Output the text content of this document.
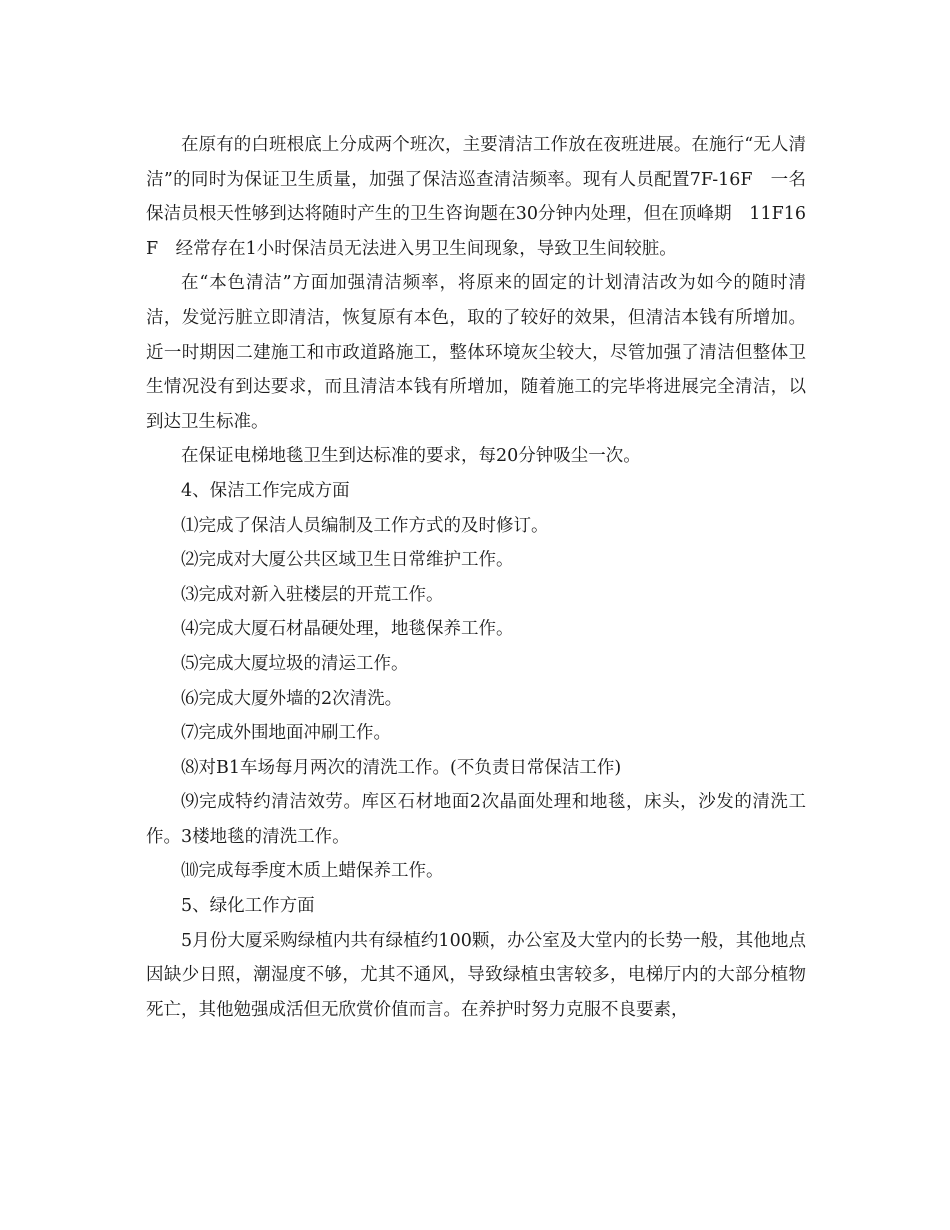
在原有的白班根底上分成两个班次，主要清洁工作放在夜班进展。在施行“无人清洁”的同时为保证卫生质量，加强了保洁巡查清洁频率。现有人员配置7F-16F　一名保洁员根天性够到达将随时产生的卫生咨询题在30分钟内处理，但在顶峰期　11F16F　经常存在1小时保洁员无法进入男卫生间现象，导致卫生间较脏。

在“本色清洁”方面加强清洁频率，将原来的固定的计划清洁改为如今的随时清洁，发觉污脏立即清洁，恢复原有本色，取的了较好的效果，但清洁本钱有所增加。近一时期因二建施工和市政道路施工，整体环境灰尘较大，尽管加强了清洁但整体卫生情况没有到达要求，而且清洁本钱有所增加，随着施工的完毕将进展完全清洁，以到达卫生标准。

在保证电梯地毯卫生到达标准的要求，每20分钟吸尘一次。

4、保洁工作完成方面

⑴完成了保洁人员编制及工作方式的及时修订。

⑵完成对大厦公共区域卫生日常维护工作。

⑶完成对新入驻楼层的开荒工作。

⑷完成大厦石材晶硬处理，地毯保养工作。

⑸完成大厦垃圾的清运工作。

⑹完成大厦外墙的2次清洗。

⑺完成外围地面冲刷工作。

⑻对B1车场每月两次的清洗工作。(不负责日常保洁工作)

⑼完成特约清洁效劳。库区石材地面2次晶面处理和地毯，床头，沙发的清洗工作。3楼地毯的清洗工作。

⑽完成每季度木质上蜡保养工作。

5、绿化工作方面

5月份大厦采购绿植内共有绿植约100颗，办公室及大堂内的长势一般，其他地点因缺少日照，潮湿度不够，尤其不通风，导致绿植虫害较多，电梯厅内的大部分植物死亡，其他勉强成活但无欣赏价值而言。在养护时努力克服不良要素，
